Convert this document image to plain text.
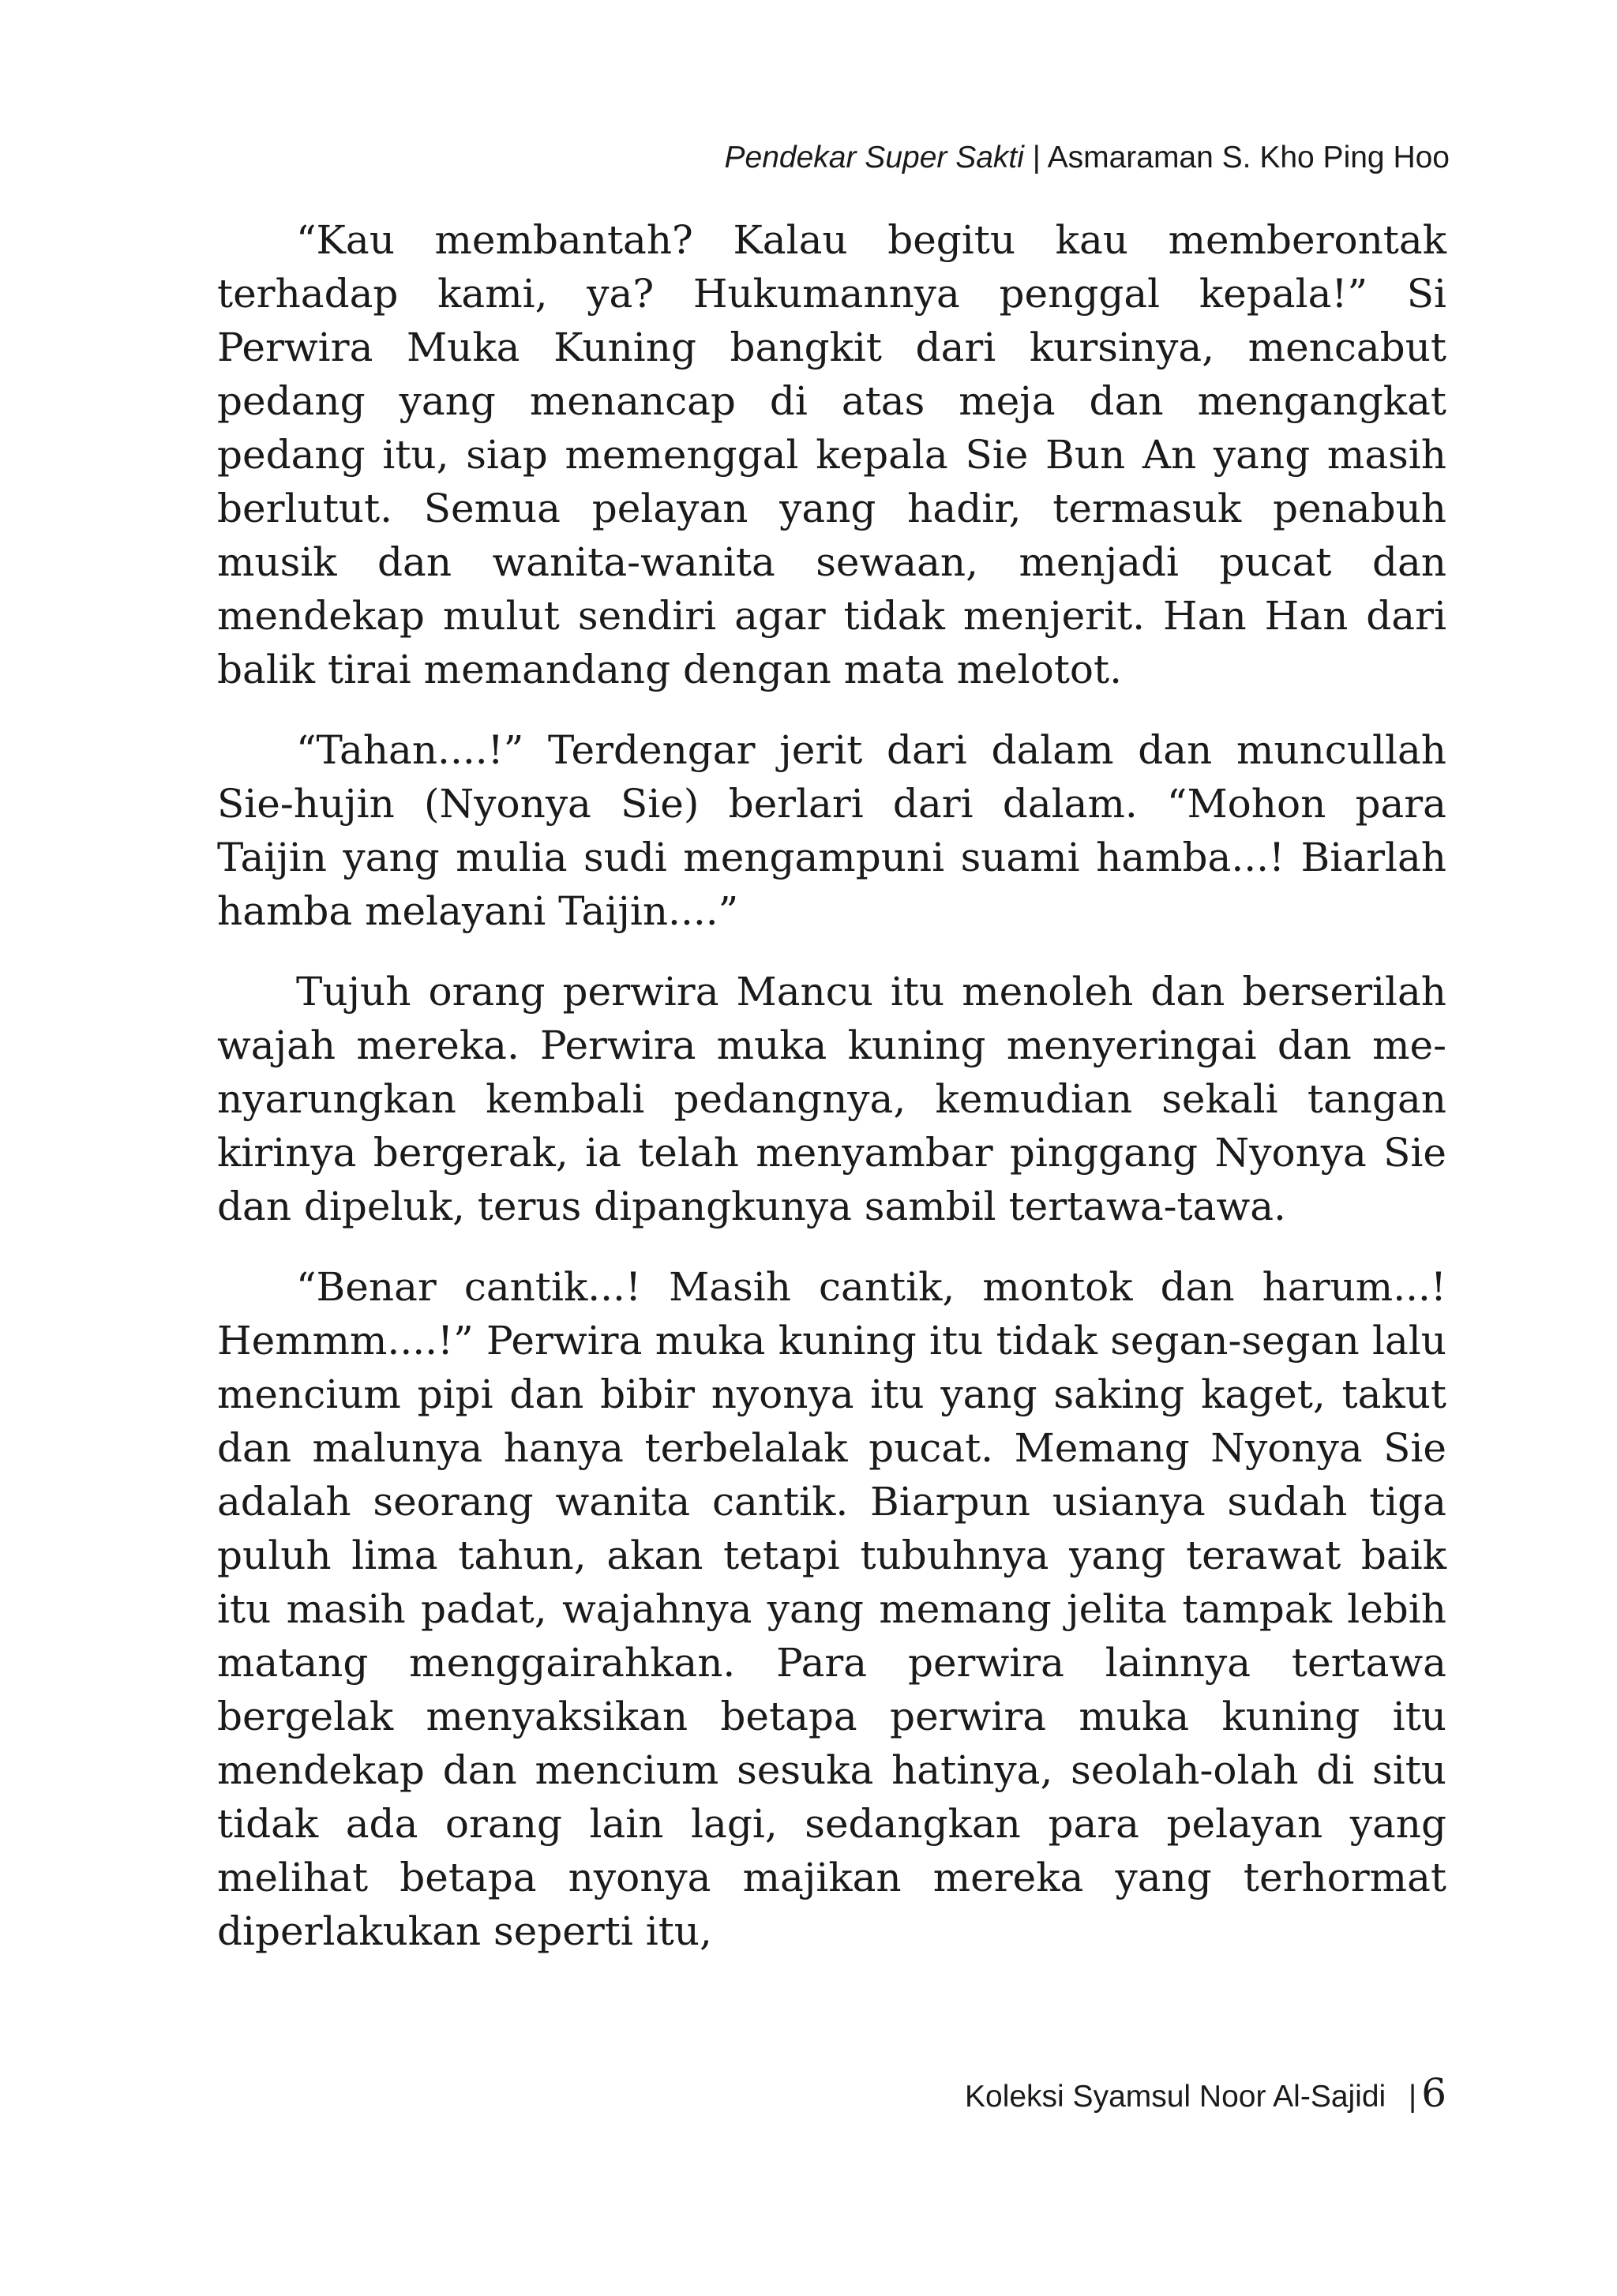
Pendekar Super Sakti | Asmaraman S. Kho Ping Hoo

“Kau membantah? Kalau begitu kau memberontak terhadap kami, ya? Hukumannya penggal kepala!” Si Perwira Muka Kuning bangkit dari kursinya, mencabut pedang yang menancap di atas meja dan mengangkat pedang itu, siap memenggal kepala Sie Bun An yang masih berlutut. Semua pelayan yang hadir, termasuk penabuh musik dan wanita-wanita sewaan, menjadi pucat dan mendekap mulut sendiri agar tidak menjerit. Han Han dari balik tirai memandang dengan mata melotot.

“Tahan....!” Terdengar jerit dari dalam dan muncullah Sie-hujin (Nyonya Sie) berlari dari dalam. “Mohon para Taijin yang mulia sudi mengampuni suami hamba...! Biarlah hamba melayani Taijin....”

Tujuh orang perwira Mancu itu menoleh dan berserilah wajah mereka. Perwira muka kuning menyeringai dan me-nyarungkan kembali pedangnya, kemudian sekali tangan kirinya bergerak, ia telah menyambar pinggang Nyonya Sie dan dipeluk, terus dipangkunya sambil tertawa-tawa.

“Benar cantik...! Masih cantik, montok dan harum...! Hemmm....!” Perwira muka kuning itu tidak segan-segan lalu mencium pipi dan bibir nyonya itu yang saking kaget, takut dan malunya hanya terbelalak pucat. Memang Nyonya Sie adalah seorang wanita cantik. Biarpun usianya sudah tiga puluh lima tahun, akan tetapi tubuhnya yang terawat baik itu masih padat, wajahnya yang memang jelita tampak lebih matang menggairahkan. Para perwira lainnya tertawa bergelak menyaksikan betapa perwira muka kuning itu mendekap dan mencium sesuka hatinya, seolah-olah di situ tidak ada orang lain lagi, sedangkan para pelayan yang melihat betapa nyonya majikan mereka yang terhormat diperlakukan seperti itu,

Koleksi Syamsul Noor Al-Sajidi | 6
